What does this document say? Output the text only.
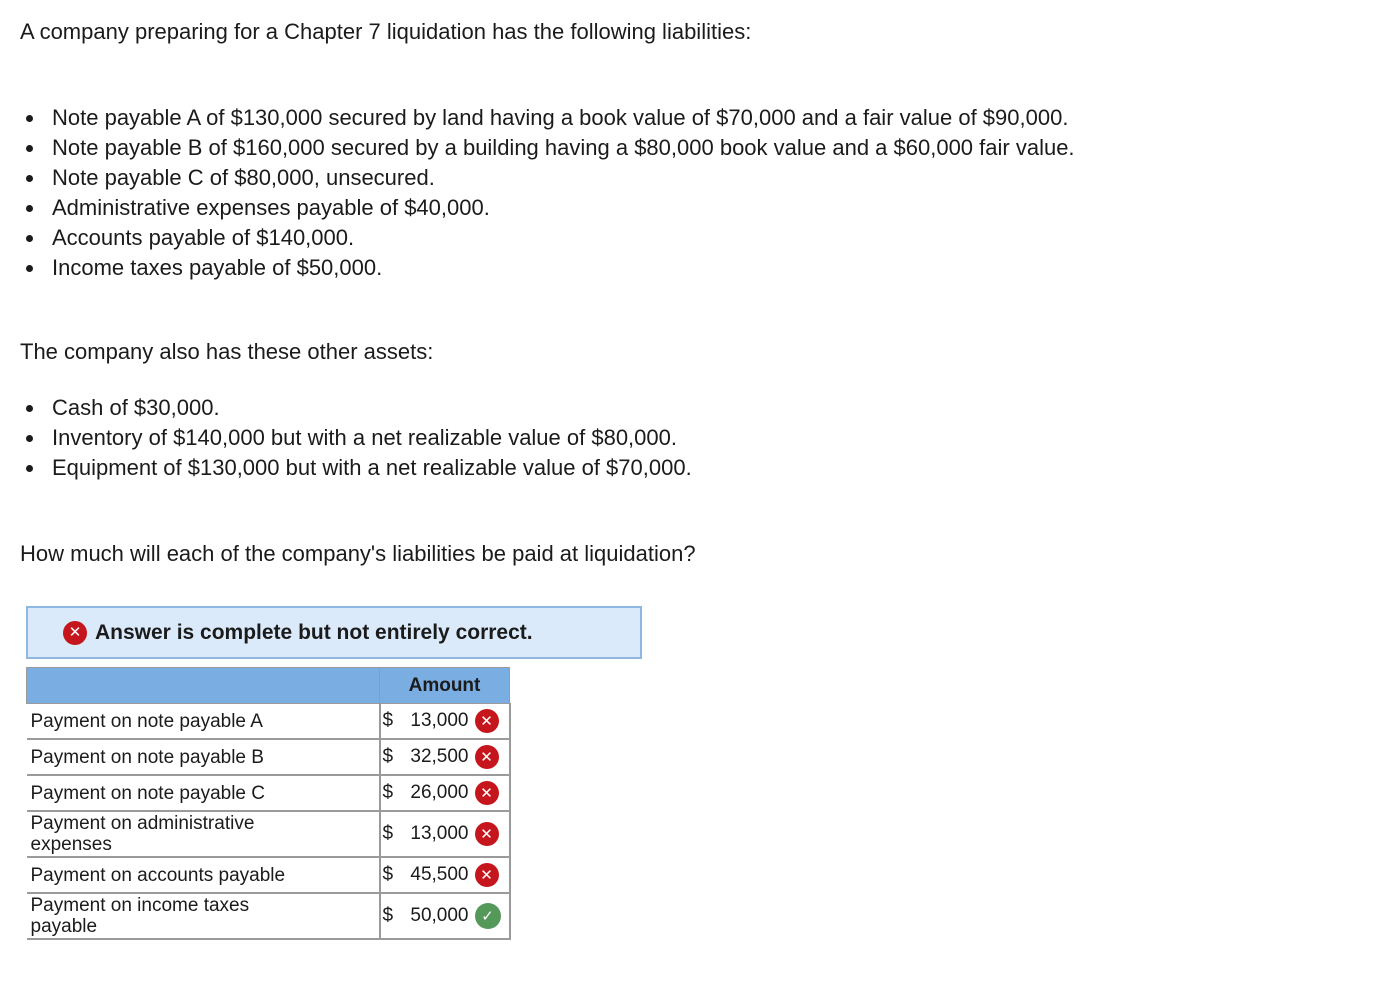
A company preparing for a Chapter 7 liquidation has the following liabilities:

Note payable A of $130,000 secured by land having a book value of $70,000 and a fair value of $90,000.
Note payable B of $160,000 secured by a building having a $80,000 book value and a $60,000 fair value.
Note payable C of $80,000, unsecured.
Administrative expenses payable of $40,000.
Accounts payable of $140,000.
Income taxes payable of $50,000.

The company also has these other assets:

Cash of $30,000.
Inventory of $140,000 but with a net realizable value of $80,000.
Equipment of $130,000 but with a net realizable value of $70,000.

How much will each of the company's liabilities be paid at liquidation?

✕ Answer is complete but not entirely correct.
	Amount
Payment on note payable A	$ 13,000 ✕

Payment on note payable B	$ 32,500 ✕

Payment on note payable C	$ 26,000 ✕

Payment on administrative expenses	$ 13,000 ✕

Payment on accounts payable	$ 45,500 ✕

Payment on income taxes payable	$ 50,000 ✓
